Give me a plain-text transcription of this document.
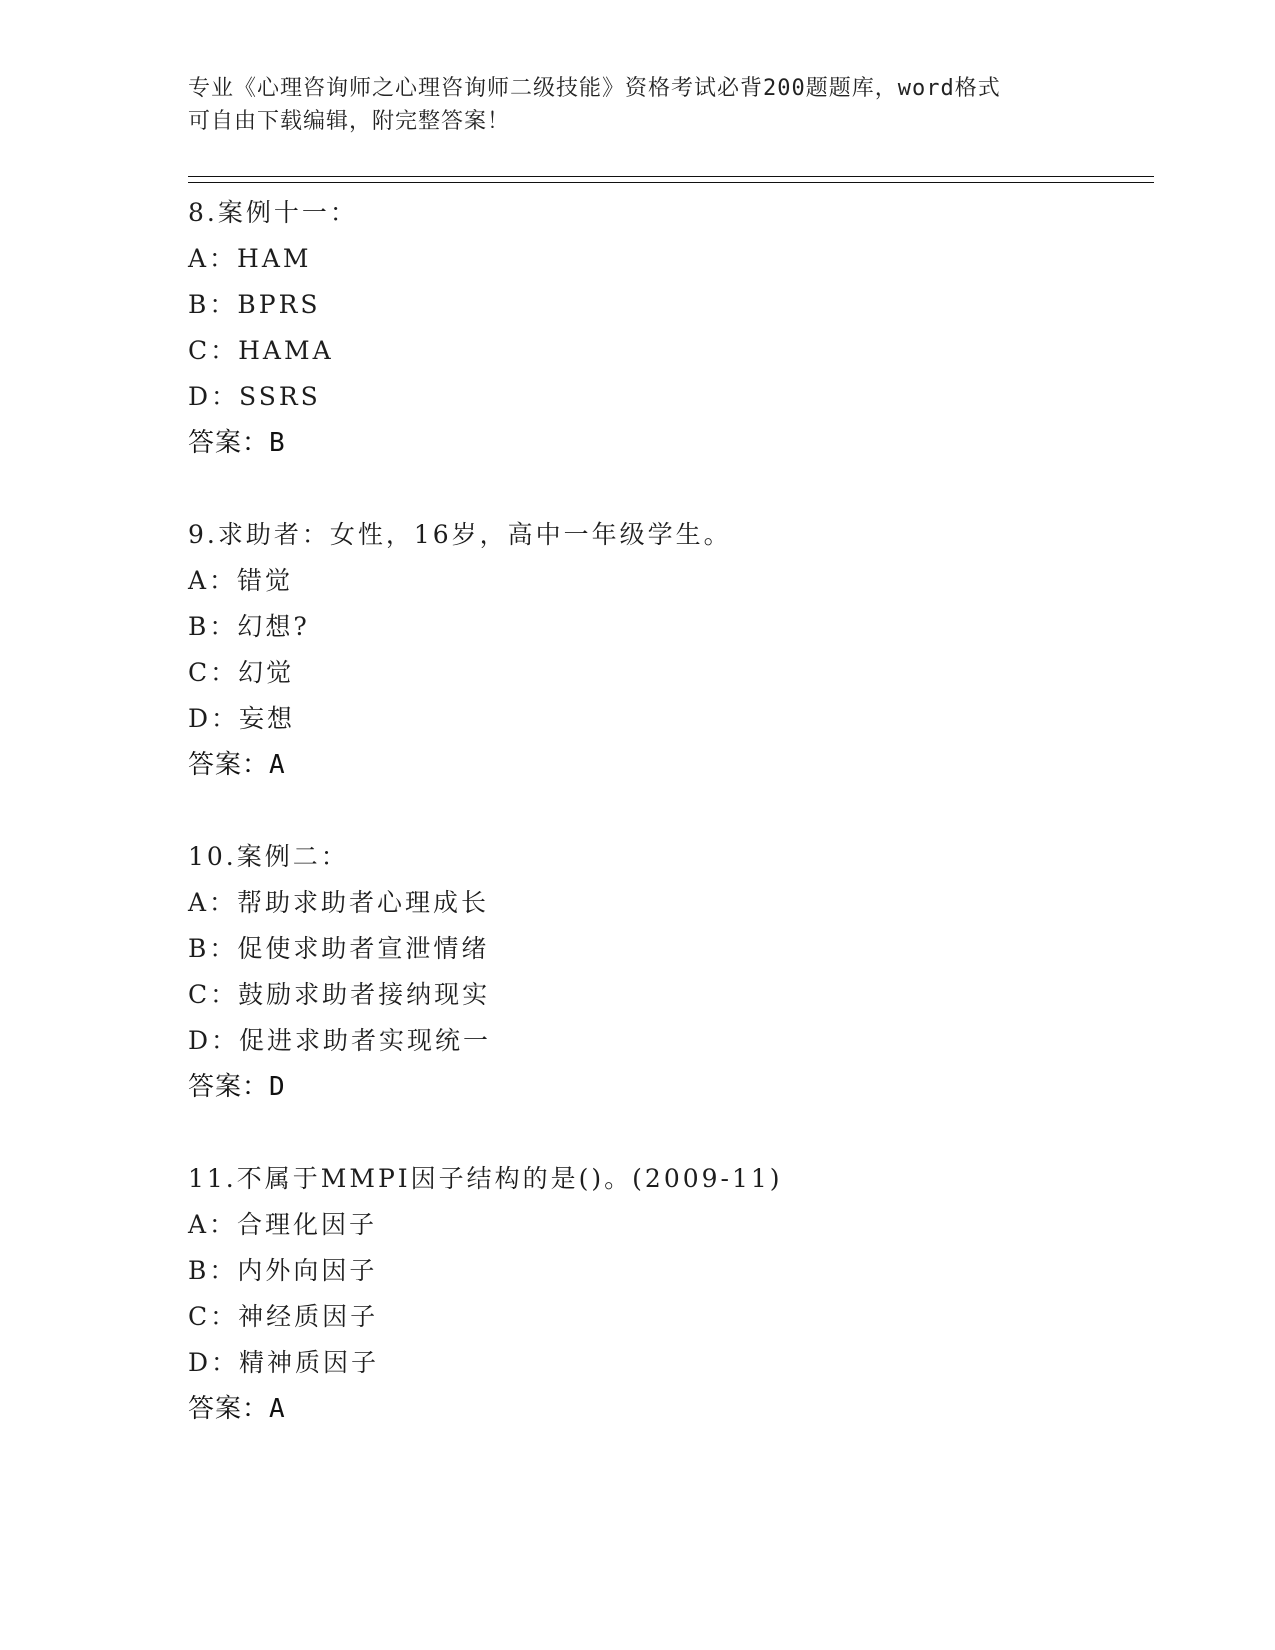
专业《心理咨询师之心理咨询师二级技能》资格考试必背200题题库，word格式
可自由下载编辑，附完整答案！
8.案例十一：
A：HAM
B：BPRS
C：HAMA
D：SSRS
答案：B
9.求助者：女性，16岁，高中一年级学生。
A：错觉
B：幻想?
C：幻觉
D：妄想
答案：A
10.案例二：
A：帮助求助者心理成长
B：促使求助者宣泄情绪
C：鼓励求助者接纳现实
D：促进求助者实现统一
答案：D
11.不属于MMPI因子结构的是()。(2009-11)
A：合理化因子
B：内外向因子
C：神经质因子
D：精神质因子
答案：A
